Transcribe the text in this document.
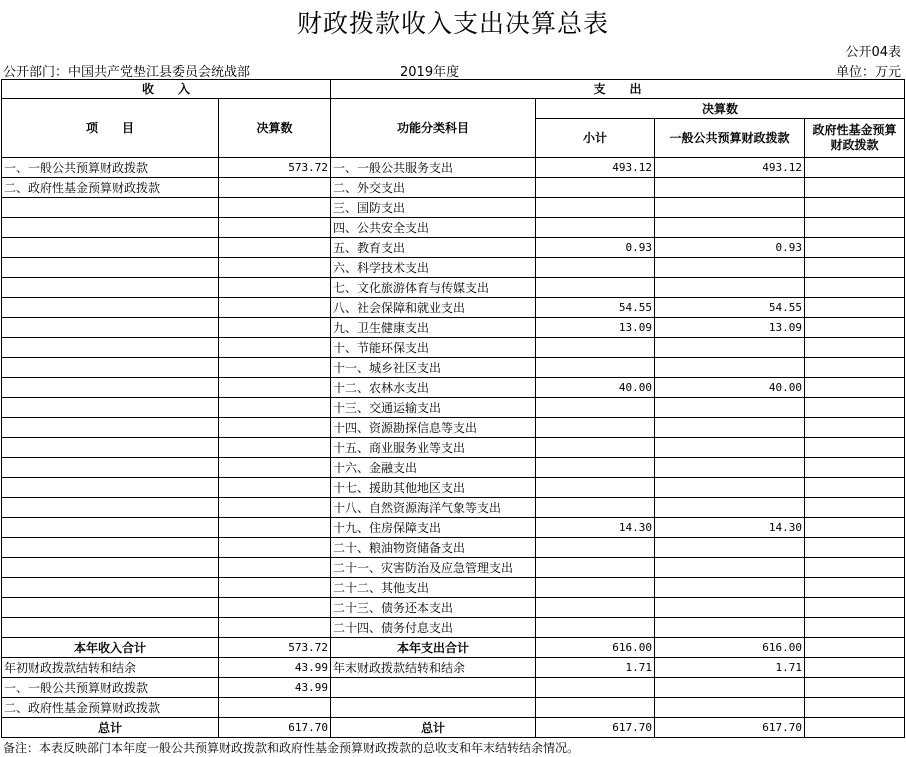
财政拨款收入支出决算总表
公开04表
公开部门：中国共产党垫江县委员会统战部	2019年度	单位：万元
收　　入		支　　出			
项　　目	决算数	功能分类科目	决算数		
			小计	一般公共预算财政拨款	政府性基金预算财政拨款
一、一般公共预算财政拨款	573.72	一、一般公共服务支出	493.12	493.12	
二、政府性基金预算财政拨款		二、外交支出			
		三、国防支出			
		四、公共安全支出			
		五、教育支出	0.93	0.93	
		六、科学技术支出			
		七、文化旅游体育与传媒支出			
		八、社会保障和就业支出	54.55	54.55	
		九、卫生健康支出	13.09	13.09	
		十、节能环保支出			
		十一、城乡社区支出			
		十二、农林水支出	40.00	40.00	
		十三、交通运输支出			
		十四、资源勘探信息等支出			
		十五、商业服务业等支出			
		十六、金融支出			
		十七、援助其他地区支出			
		十八、自然资源海洋气象等支出			
		十九、住房保障支出	14.30	14.30	
		二十、粮油物资储备支出			
		二十一、灾害防治及应急管理支出			
		二十二、其他支出			
		二十三、债务还本支出			
		二十四、债务付息支出			
本年收入合计	573.72	本年支出合计	616.00	616.00	
年初财政拨款结转和结余	43.99	年末财政拨款结转和结余	1.71	1.71	
一、一般公共预算财政拨款	43.99				
二、政府性基金预算财政拨款					
总计	617.70	总计	617.70	617.70	
备注：本表反映部门本年度一般公共预算财政拨款和政府性基金预算财政拨款的总收支和年末结转结余情况。
